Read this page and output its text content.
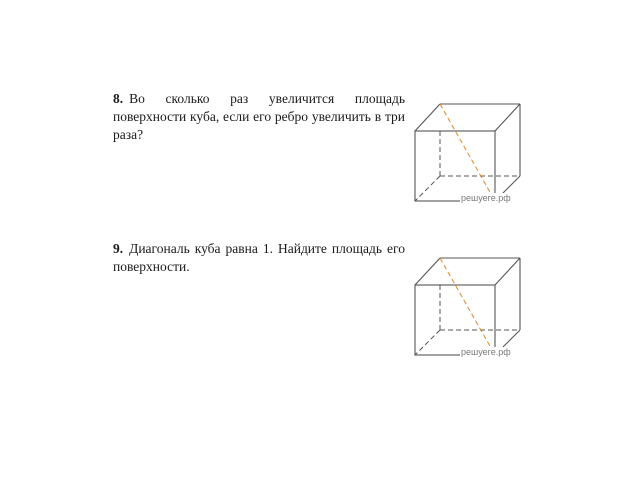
8. Во сколько раз увеличится площадь поверхности куба, если его ребро увеличить в три раза?
решуеге.рф
9. Диагональ куба равна 1. Найдите площадь его поверхности.
решуеге.рф
